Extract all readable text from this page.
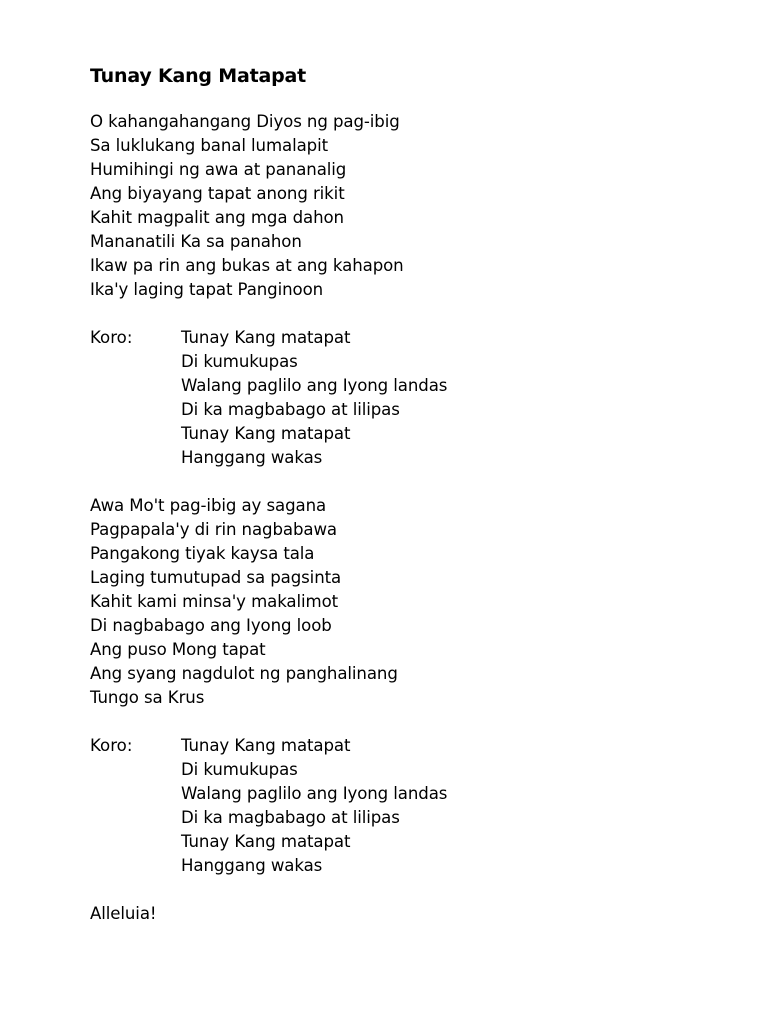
Tunay Kang Matapat
O kahangahangang Diyos ng pag-ibig
Sa luklukang banal lumalapit
Humihingi ng awa at pananalig
Ang biyayang tapat anong rikit
Kahit magpalit ang mga dahon
Mananatili Ka sa panahon
Ikaw pa rin ang bukas at ang kahapon
Ika'y laging tapat Panginoon
Koro:	Tunay Kang matapat
Di kumukupas
Walang paglilo ang Iyong landas
Di ka magbabago at lilipas
Tunay Kang matapat
Hanggang wakas
Awa Mo't pag-ibig ay sagana
Pagpapala'y di rin nagbabawa
Pangakong tiyak kaysa tala
Laging tumutupad sa pagsinta
Kahit kami minsa'y makalimot
Di nagbabago ang Iyong loob
Ang puso Mong tapat
Ang syang nagdulot ng panghalinang
Tungo sa Krus
Koro:	Tunay Kang matapat
Di kumukupas
Walang paglilo ang Iyong landas
Di ka magbabago at lilipas
Tunay Kang matapat
Hanggang wakas
Alleluia!
